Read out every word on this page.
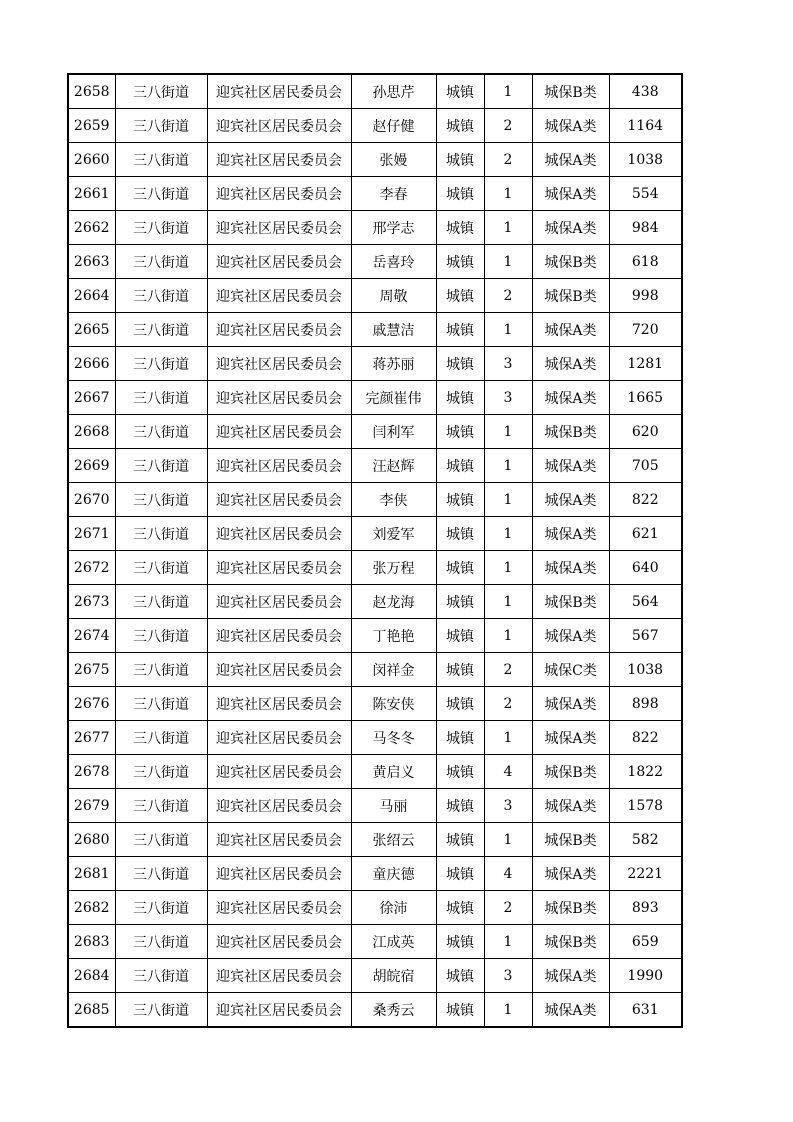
2658	三八街道	迎宾社区居民委员会	孙思芹	城镇	1	城保B类	438
2659	三八街道	迎宾社区居民委员会	赵仔健	城镇	2	城保A类	1164
2660	三八街道	迎宾社区居民委员会	张嫚	城镇	2	城保A类	1038
2661	三八街道	迎宾社区居民委员会	李春	城镇	1	城保A类	554
2662	三八街道	迎宾社区居民委员会	邢学志	城镇	1	城保A类	984
2663	三八街道	迎宾社区居民委员会	岳喜玲	城镇	1	城保B类	618
2664	三八街道	迎宾社区居民委员会	周敬	城镇	2	城保B类	998
2665	三八街道	迎宾社区居民委员会	戚慧洁	城镇	1	城保A类	720
2666	三八街道	迎宾社区居民委员会	蒋苏丽	城镇	3	城保A类	1281
2667	三八街道	迎宾社区居民委员会	完颜崔伟	城镇	3	城保A类	1665
2668	三八街道	迎宾社区居民委员会	闫利军	城镇	1	城保B类	620
2669	三八街道	迎宾社区居民委员会	汪赵辉	城镇	1	城保A类	705
2670	三八街道	迎宾社区居民委员会	李侠	城镇	1	城保A类	822
2671	三八街道	迎宾社区居民委员会	刘爱军	城镇	1	城保A类	621
2672	三八街道	迎宾社区居民委员会	张万程	城镇	1	城保A类	640
2673	三八街道	迎宾社区居民委员会	赵龙海	城镇	1	城保B类	564
2674	三八街道	迎宾社区居民委员会	丁艳艳	城镇	1	城保A类	567
2675	三八街道	迎宾社区居民委员会	闵祥金	城镇	2	城保C类	1038
2676	三八街道	迎宾社区居民委员会	陈安侠	城镇	2	城保A类	898
2677	三八街道	迎宾社区居民委员会	马冬冬	城镇	1	城保A类	822
2678	三八街道	迎宾社区居民委员会	黄启义	城镇	4	城保B类	1822
2679	三八街道	迎宾社区居民委员会	马丽	城镇	3	城保A类	1578
2680	三八街道	迎宾社区居民委员会	张绍云	城镇	1	城保B类	582
2681	三八街道	迎宾社区居民委员会	童庆德	城镇	4	城保A类	2221
2682	三八街道	迎宾社区居民委员会	徐沛	城镇	2	城保B类	893
2683	三八街道	迎宾社区居民委员会	江成英	城镇	1	城保B类	659
2684	三八街道	迎宾社区居民委员会	胡皖宿	城镇	3	城保A类	1990
2685	三八街道	迎宾社区居民委员会	桑秀云	城镇	1	城保A类	631
